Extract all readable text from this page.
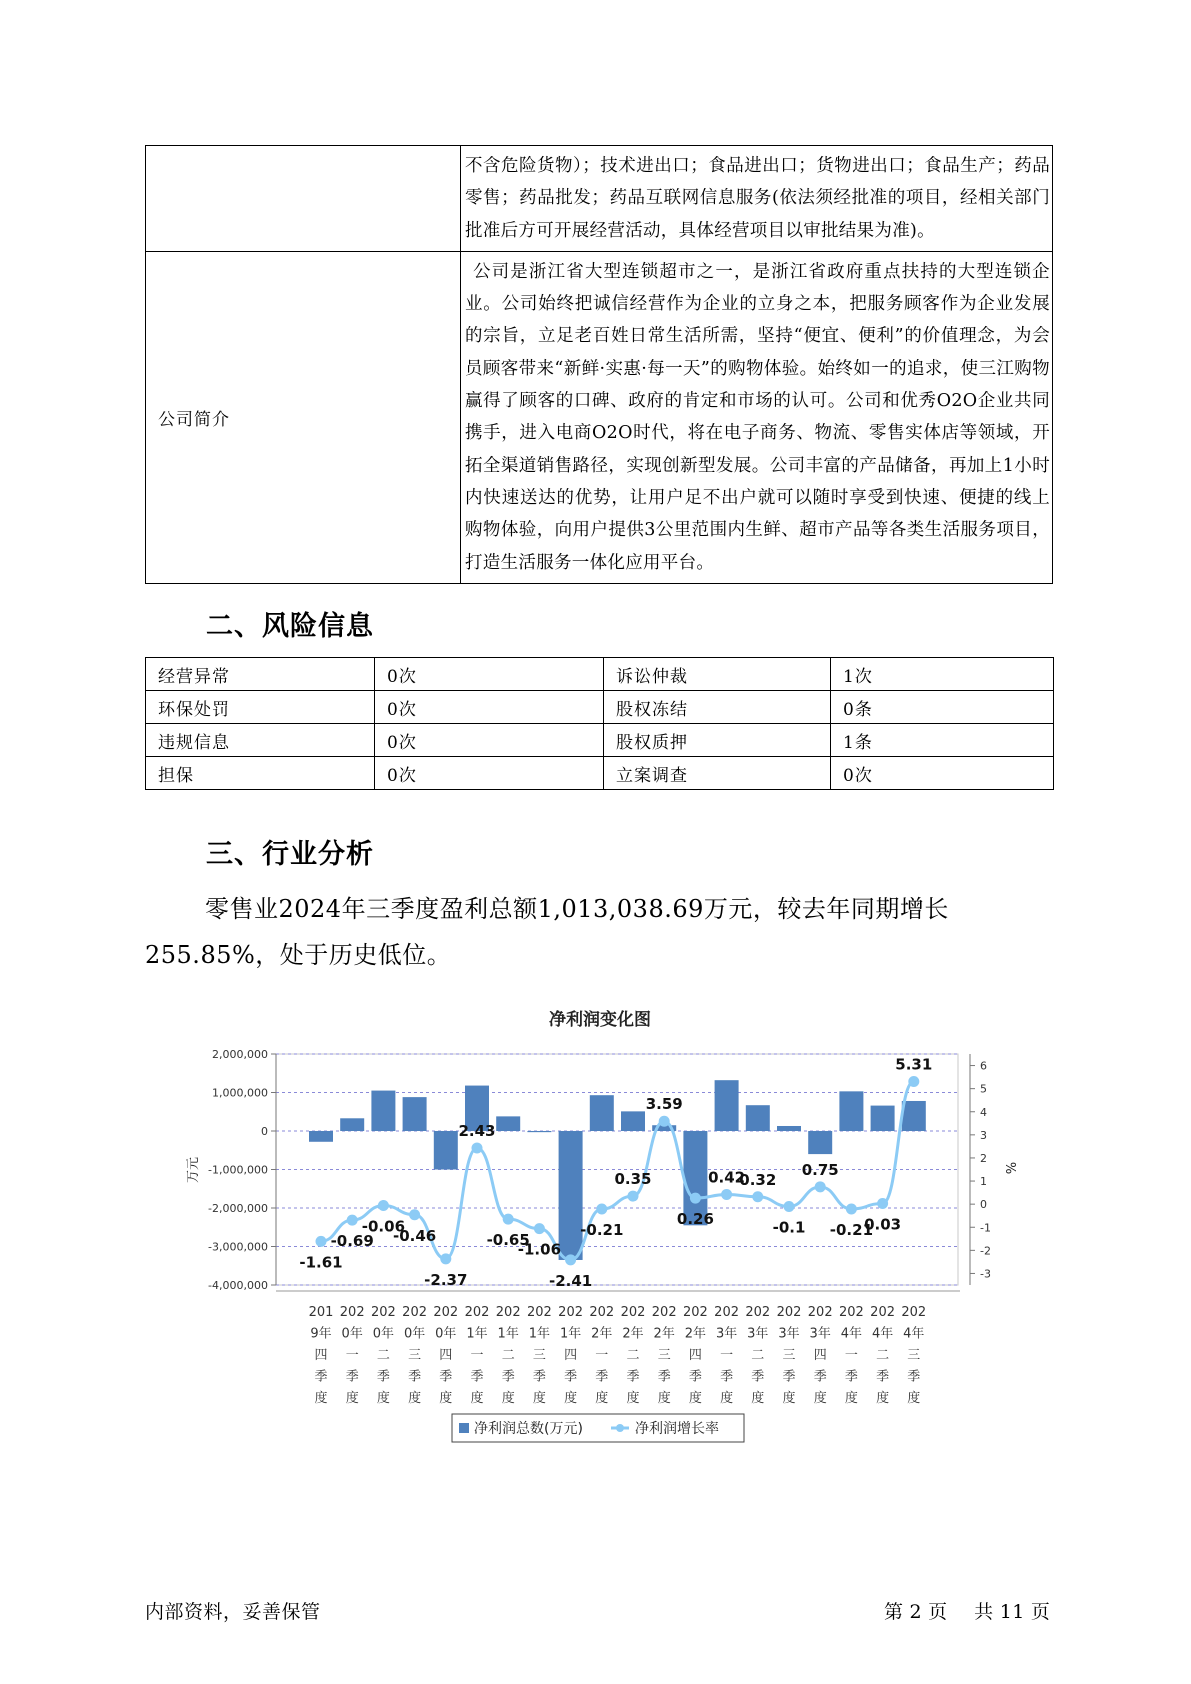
	不含危险货物）；技术进出口；食品进出口；货物进出口；食品生产；药品零售；药品批发；药品互联网信息服务(依法须经批准的项目，经相关部门批准后方可开展经营活动，具体经营项目以审批结果为准)。
公司简介	公司是浙江省大型连锁超市之一，是浙江省政府重点扶持的大型连锁企业。公司始终把诚信经营作为企业的立身之本，把服务顾客作为企业发展的宗旨，立足老百姓日常生活所需，坚持“便宜、便利”的价值理念，为会员顾客带来“新鲜·实惠·每一天”的购物体验。始终如一的追求，使三江购物赢得了顾客的口碑、政府的肯定和市场的认可。公司和优秀O2O企业共同携手，进入电商O2O时代，将在电子商务、物流、零售实体店等领域，开拓全渠道销售路径，实现创新型发展。公司丰富的产品储备，再加上1小时内快速送达的优势，让用户足不出户就可以随时享受到快速、便捷的线上购物体验，向用户提供3公里范围内生鲜、超市产品等各类生活服务项目，打造生活服务一体化应用平台。
二、风险信息
经营异常	0次	诉讼仲裁	1次
环保处罚	0次	股权冻结	0条
违规信息	0次	股权质押	1条
担保	0次	立案调查	0次
三、行业分析

零售业2024年三季度盈利总额1,013,038.69万元，较去年同期增长255.85%，处于历史低位。

2,000,000
1,000,000
0
-1,000,000
-2,000,000
-3,000,000
-4,000,000
6
5
4
3
2
1
0
-1
-2
-3
万元	%
净利润变化图
-1.61
-0.69
-0.06
-0.46
-2.37
2.43
-0.65
-1.06
-2.41
-0.21
0.35
3.59
0.26
0.42
0.32
-0.1
0.75
-0.21
0.03
5.31
201
9年
四
季
度
202
0年
一
季
度
202
0年
二
季
度
202
0年
三
季
度
202
0年
四
季
度
202
1年
一
季
度
202
1年
二
季
度
202
1年
三
季
度
202
1年
四
季
度
202
2年
一
季
度
202
2年
二
季
度
202
2年
三
季
度
202
2年
四
季
度
202
3年
一
季
度
202
3年
二
季
度
202
3年
三
季
度
202
3年
四
季
度
202
4年
一
季
度
202
4年
二
季
度
202
4年
三
季
度
净利润总数(万元)	净利润增长率
内部资料，妥善保管	第 2 页 共 11 页
